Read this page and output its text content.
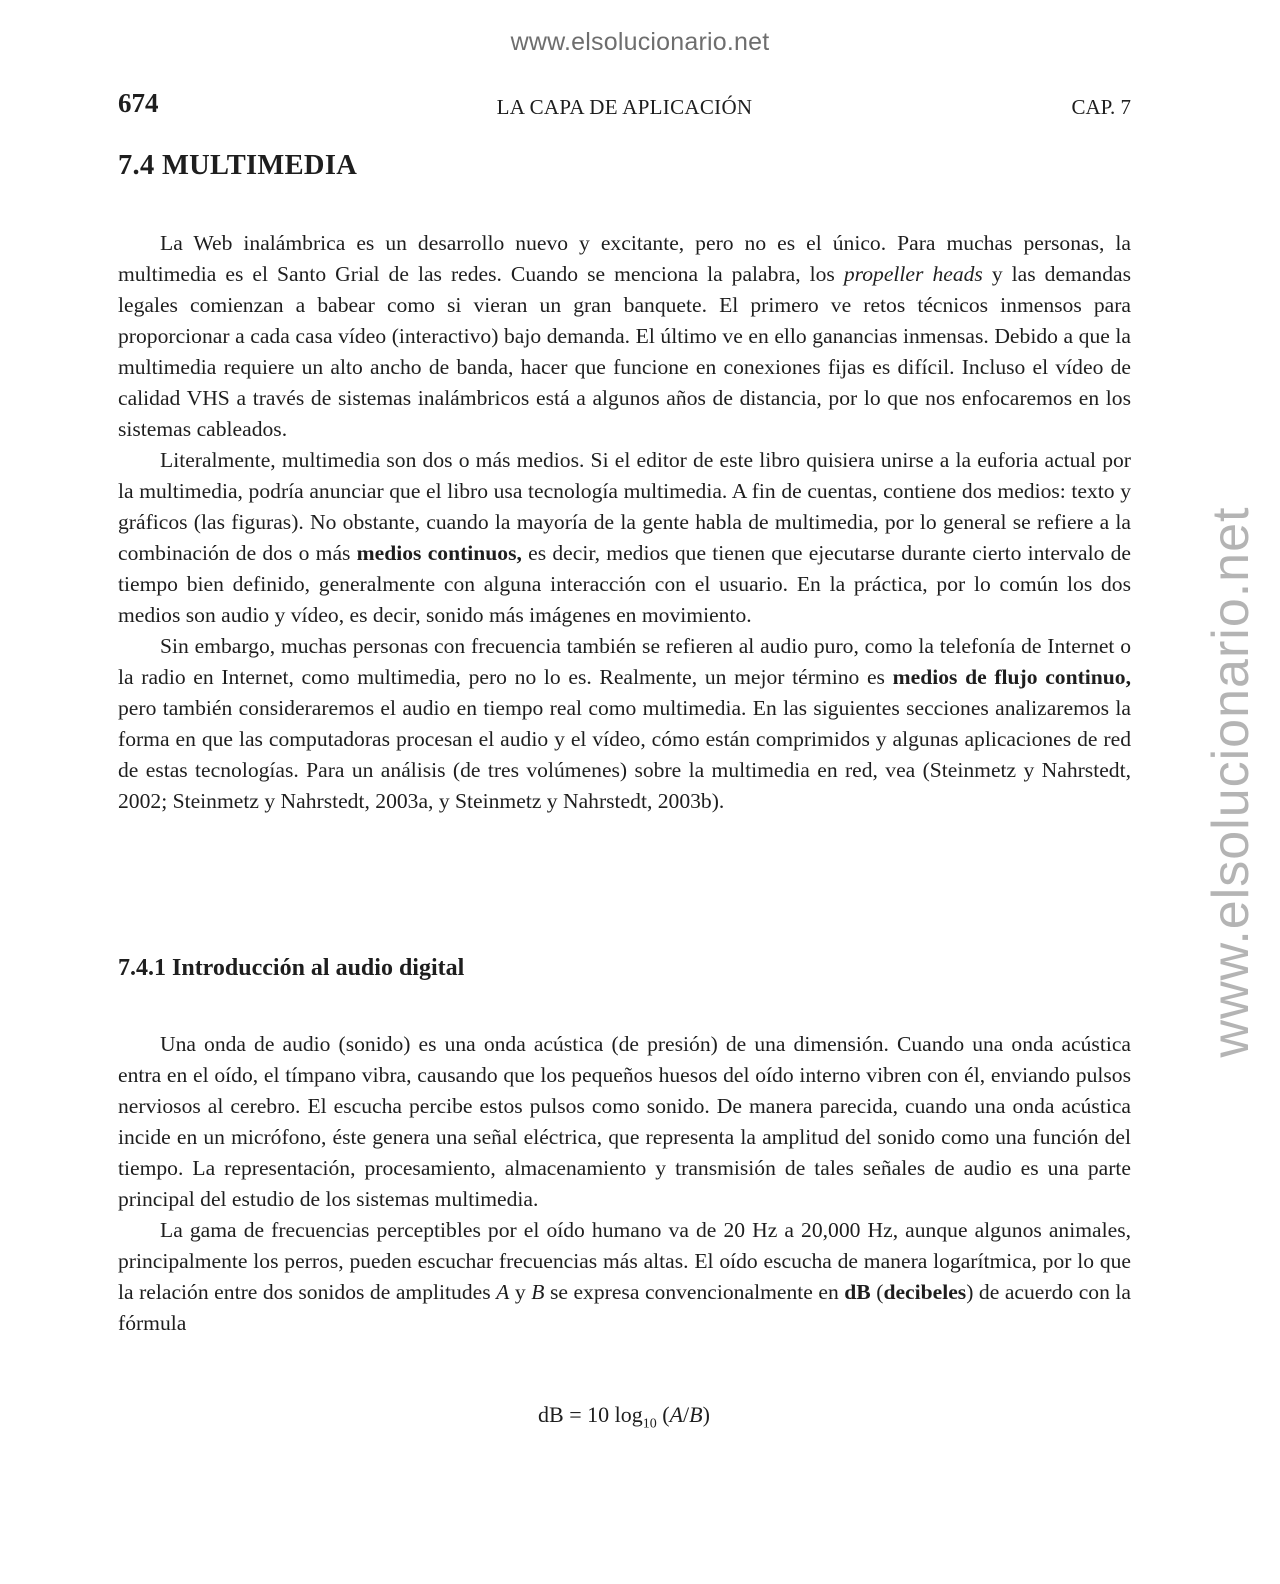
www.elsolucionario.net
www.elsolucionario.net
674	LA CAPA DE APLICACIÓN	CAP. 7
7.4 MULTIMEDIA

La Web inalámbrica es un desarrollo nuevo y excitante, pero no es el único. Para muchas personas, la multimedia es el Santo Grial de las redes. Cuando se menciona la palabra, los propeller heads y las demandas legales comienzan a babear como si vieran un gran banquete. El primero ve retos técnicos inmensos para proporcionar a cada casa vídeo (interactivo) bajo demanda. El último ve en ello ganancias inmensas. Debido a que la multimedia requiere un alto ancho de banda, hacer que funcione en conexiones fijas es difícil. Incluso el vídeo de calidad VHS a través de sistemas inalámbricos está a algunos años de distancia, por lo que nos enfocaremos en los sistemas cableados.

Literalmente, multimedia son dos o más medios. Si el editor de este libro quisiera unirse a la euforia actual por la multimedia, podría anunciar que el libro usa tecnología multimedia. A fin de cuentas, contiene dos medios: texto y gráficos (las figuras). No obstante, cuando la mayoría de la gente habla de multimedia, por lo general se refiere a la combinación de dos o más medios continuos, es decir, medios que tienen que ejecutarse durante cierto intervalo de tiempo bien definido, generalmente con alguna interacción con el usuario. En la práctica, por lo común los dos medios son audio y vídeo, es decir, sonido más imágenes en movimiento.

Sin embargo, muchas personas con frecuencia también se refieren al audio puro, como la telefonía de Internet o la radio en Internet, como multimedia, pero no lo es. Realmente, un mejor término es medios de flujo continuo, pero también consideraremos el audio en tiempo real como multimedia. En las siguientes secciones analizaremos la forma en que las computadoras procesan el audio y el vídeo, cómo están comprimidos y algunas aplicaciones de red de estas tecnologías. Para un análisis (de tres volúmenes) sobre la multimedia en red, vea (Steinmetz y Nahrstedt, 2002; Steinmetz y Nahrstedt, 2003a, y Steinmetz y Nahrstedt, 2003b).

7.4.1 Introducción al audio digital

Una onda de audio (sonido) es una onda acústica (de presión) de una dimensión. Cuando una onda acústica entra en el oído, el tímpano vibra, causando que los pequeños huesos del oído interno vibren con él, enviando pulsos nerviosos al cerebro. El escucha percibe estos pulsos como sonido. De manera parecida, cuando una onda acústica incide en un micrófono, éste genera una señal eléctrica, que representa la amplitud del sonido como una función del tiempo. La representación, procesamiento, almacenamiento y transmisión de tales señales de audio es una parte principal del estudio de los sistemas multimedia.

La gama de frecuencias perceptibles por el oído humano va de 20 Hz a 20,000 Hz, aunque algunos animales, principalmente los perros, pueden escuchar frecuencias más altas. El oído escucha de manera logarítmica, por lo que la relación entre dos sonidos de amplitudes A y B se expresa convencionalmente en dB (decibeles) de acuerdo con la fórmula

dB = 10 $\log_{10} (A/B)$
